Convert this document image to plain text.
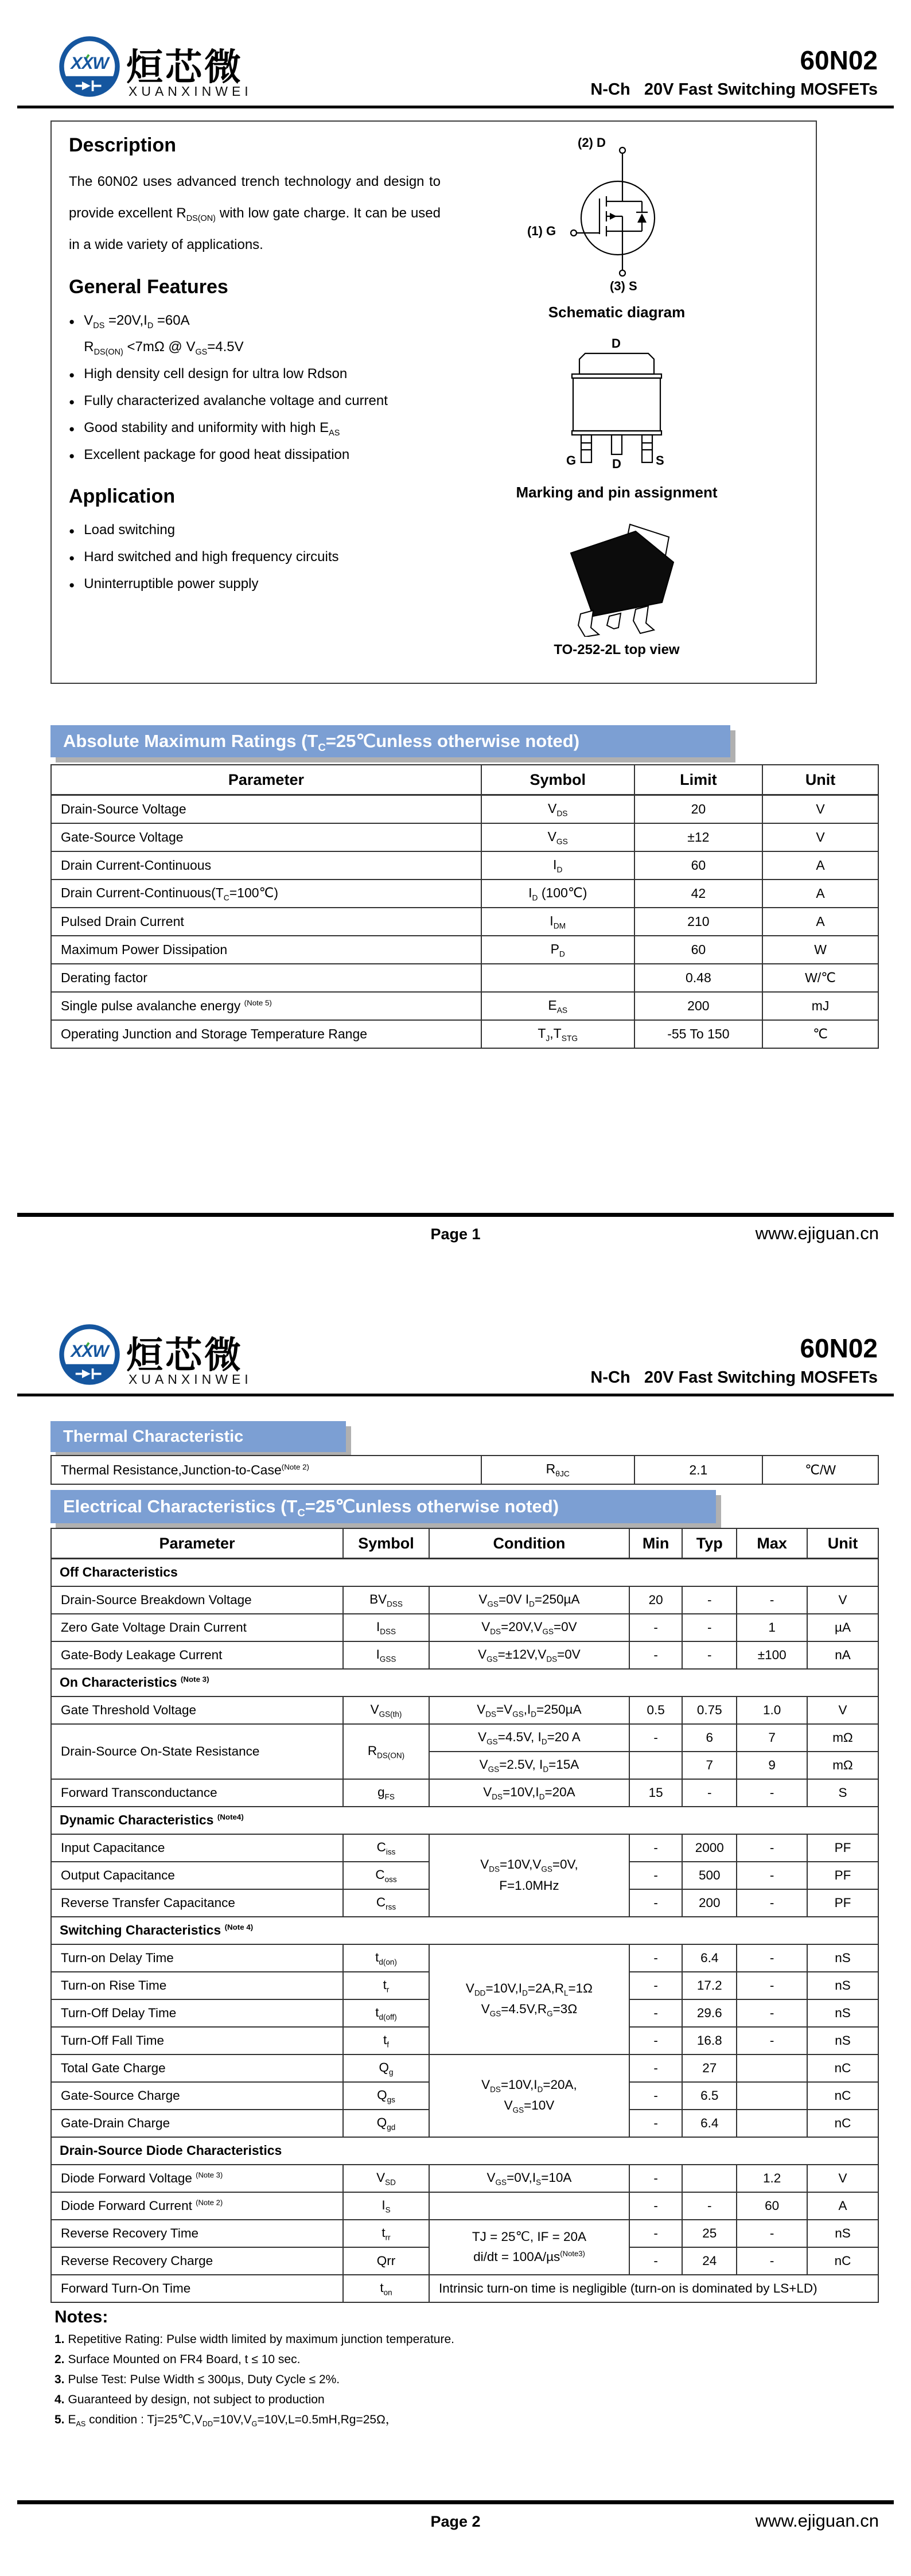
XXW 烜芯微
XUANXINWEI
60N02
N-Ch   20V Fast Switching MOSFETs
Description

The 60N02 uses advanced trench technology and design to provide excellent $R_{DS(ON)}$ with low gate charge. It can be used in a wide variety of applications.

General Features
● $V_{DS} =20V,I_D =60A$
$R_{DS(ON)} <7m\Omega$ @ $V_{GS}=4.5V$
● High density cell design for ultra low Rdson
● Fully characterized avalanche voltage and current
● Good stability and uniformity with high $E_{AS}$
● Excellent package for good heat dissipation
Application
● Load switching
● Hard switched and high frequency circuits
● Uninterruptible power supply
(2) D
(1) G
(3) S
Schematic diagram
D
G	D	S
Marking and pin assignment
TO-252-2L top view
Absolute Maximum Ratings ($T_C=25℃unless$ otherwise noted)
Parameter	Symbol	Limit	Unit
Drain-Source Voltage	$V_{DS}$	20	V
Gate-Source Voltage	$V_{GS}$	±12	V
Drain Current-Continuous	$I_D$	60	A
Drain Current-$Continuous(T_C=100℃)$	$I_D$ (100℃)	42	A
Pulsed Drain Current	$I_{DM}$	210	A
Maximum Power Dissipation	$P_D$	60	W
Derating factor		0.48	W/℃
Single pulse avalanche energy $^{(Note 5)}$	$E_{AS}$	200	mJ
Operating Junction and Storage Temperature Range	$T_J,T_{STG}$	-55 To 150	℃
Page 1	www.ejiguan.cn
XXW 烜芯微
XUANXINWEI
60N02
N-Ch   20V Fast Switching MOSFETs
Thermal Characteristic
Thermal Resistance,Junction-to-Case$^{(Note 2)}$	$R_{\theta JC}$	2.1	℃/W
Electrical Characteristics ($T_C=25℃unless$ otherwise noted)
Parameter	Symbol	Condition	Min	Typ	Max	Unit
Off Characteristics						
Drain-Source Breakdown Voltage	$BV_{DSS}$	$V_{GS}=0V$ $I_D=250\mu A$	20	-	-	V
Zero Gate Voltage Drain Current	$I_{DSS}$	$V_{DS}=20V,V_{GS}=0V$	-	-	1	µA
Gate-Body Leakage Current	$I_{GSS}$	$V_{GS}=\pm 12V,V_{DS}=0V$	-	-	±100	nA
On Characteristics $^{(Note 3)}$
Gate Threshold Voltage	$V_{GS(th)}$	$V_{DS}=V_{GS},I_D=250\mu A$	0.5	0.75	1.0	V
Drain-Source On-State Resistance	$R_{DS(ON)}$	$V_{GS}=4.5V$, $I_D=20$ A	-	6	7	mΩ
		$V_{GS}=2.5V$, $I_D=15A$		7	9	mΩ
Forward Transconductance	$g_{FS}$	$V_{DS}=10V,I_D=20A$	15	-	-	S
Dynamic Characteristics $^{(Note4)}$
Input Capacitance	$C_{iss}$	$V_{DS}=10V,V_{GS}=0V$,
F=1.0MHz	-	2000	-	PF
Output Capacitance	$C_{oss}$		-	500	-	PF
Reverse Transfer Capacitance	$C_{rss}$		-	200	-	PF
Switching Characteristics $^{(Note 4)}$
Turn-on Delay Time	$t_{d(on)}$	$V_{DD}=10V,I_D=2A,R_L=1\Omega$
$V_{GS}=4.5V,R_G=3\Omega$	-	6.4	-	nS
Turn-on Rise Time	$t_r$		-	17.2	-	nS
Turn-Off Delay Time	$t_{d(off)}$		-	29.6	-	nS
Turn-Off Fall Time	$t_f$		-	16.8	-	nS
Total Gate Charge	$Q_g$	$V_{DS}=10V,I_D=20A$,
$V_{GS}=10V$	-	27		nC
Gate-Source Charge	$Q_{gs}$		-	6.5		nC
Gate-Drain Charge	$Q_{gd}$		-	6.4		nC
Drain-Source Diode Characteristics						
Diode Forward Voltage $^{(Note 3)}$	$V_{SD}$	$V_{GS}=0V,I_S=10A$	-		1.2	V
Diode Forward Current $^{(Note 2)}$	$I_S$		-	-	60	A
Reverse Recovery Time	$t_{rr}$	TJ = 25℃, IF = 20A
di/dt = 100A/µs$^{(Note3)}$	-	25	-	nS
Reverse Recovery Charge	Qrr		-	24	-	nC
Forward Turn-On Time	$t_{on}$	Intrinsic turn-on time is negligible (turn-on is dominated by LS+LD)				
Notes:
1. Repetitive Rating: Pulse width limited by maximum junction temperature.
2. Surface Mounted on FR4 Board, t ≤ 10 sec.
3. Pulse Test: Pulse Width ≤ 300µs, Duty Cycle ≤ 2%.
4. Guaranteed by design, not subject to production
5. $E_{AS}$ condition : $Tj=25℃,V_{DD}=10V,V_G=10V,L=0.5mH,Rg=25\Omega$，
Page 2	www.ejiguan.cn
